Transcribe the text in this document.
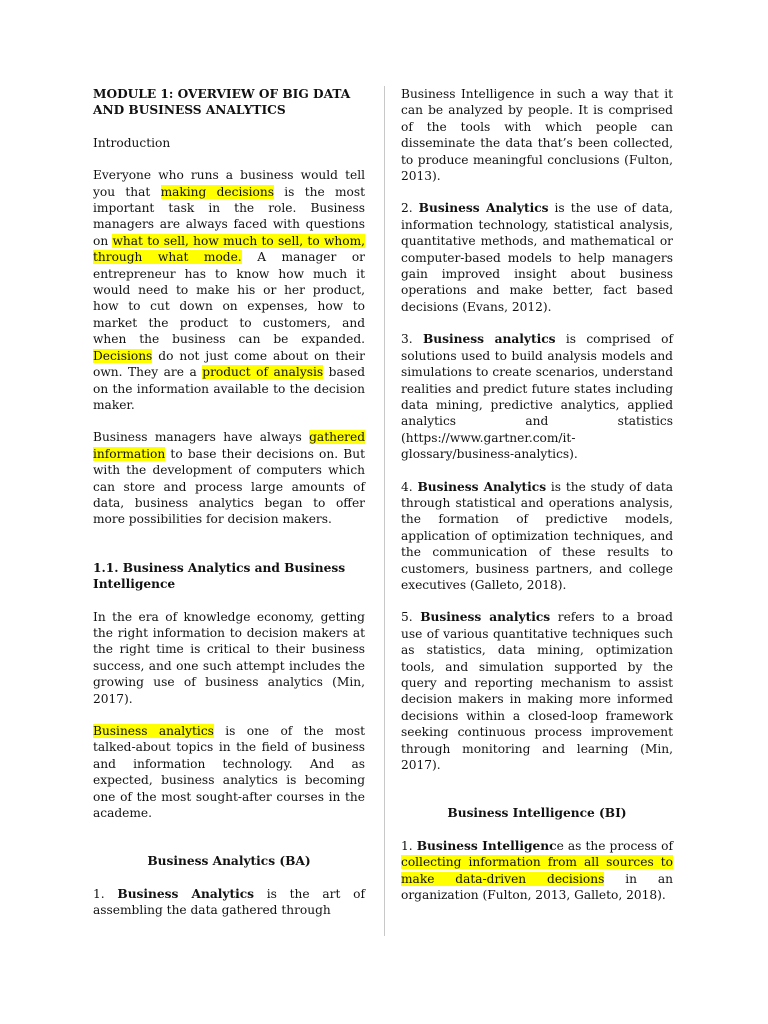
MODULE 1: OVERVIEW OF BIG DATA AND BUSINESS ANALYTICS

Introduction

Everyone who runs a business would tell you that making decisions is the most important task in the role. Business managers are always faced with questions on what to sell, how much to sell, to whom, through what mode. A manager or entrepreneur has to know how much it would need to make his or her product, how to cut down on expenses, how to market the product to customers, and when the business can be expanded. Decisions do not just come about on their own. They are a product of analysis based on the information available to the decision maker.

Business managers have always gathered information to base their decisions on. But with the development of computers which can store and process large amounts of data, business analytics began to offer more possibilities for decision makers.

1.1. Business Analytics and Business Intelligence

In the era of knowledge economy, getting the right information to decision makers at the right time is critical to their business success, and one such attempt includes the growing use of business analytics (Min, 2017).

Business analytics is one of the most talked-about topics in the field of business and information technology. And as expected, business analytics is becoming one of the most sought-after courses in the academe.

Business Analytics (BA)

1. Business Analytics is the art of assembling the data gathered through

Business Intelligence in such a way that it can be analyzed by people. It is comprised of the tools with which people can disseminate the data that’s been collected, to produce meaningful conclusions (Fulton, 2013).

2. Business Analytics is the use of data, information technology, statistical analysis, quantitative methods, and mathematical or computer-based models to help managers gain improved insight about business operations and make better, fact based decisions (Evans, 2012).

3. Business analytics is comprised of solutions used to build analysis models and simulations to create scenarios, understand realities and predict future states including data mining, predictive analytics, applied analytics and statistics (https://www.gartner.com/it-glossary/business-analytics).

4. Business Analytics is the study of data through statistical and operations analysis, the formation of predictive models, application of optimization techniques, and the communication of these results to customers, business partners, and college executives (Galleto, 2018).

5. Business analytics refers to a broad use of various quantitative techniques such as statistics, data mining, optimization tools, and simulation supported by the query and reporting mechanism to assist decision makers in making more informed decisions within a closed-loop framework seeking continuous process improvement through monitoring and learning (Min, 2017).

Business Intelligence (BI)

1. Business Intelligence as the process of collecting information from all sources to make data-driven decisions in an organization (Fulton, 2013, Galleto, 2018).
